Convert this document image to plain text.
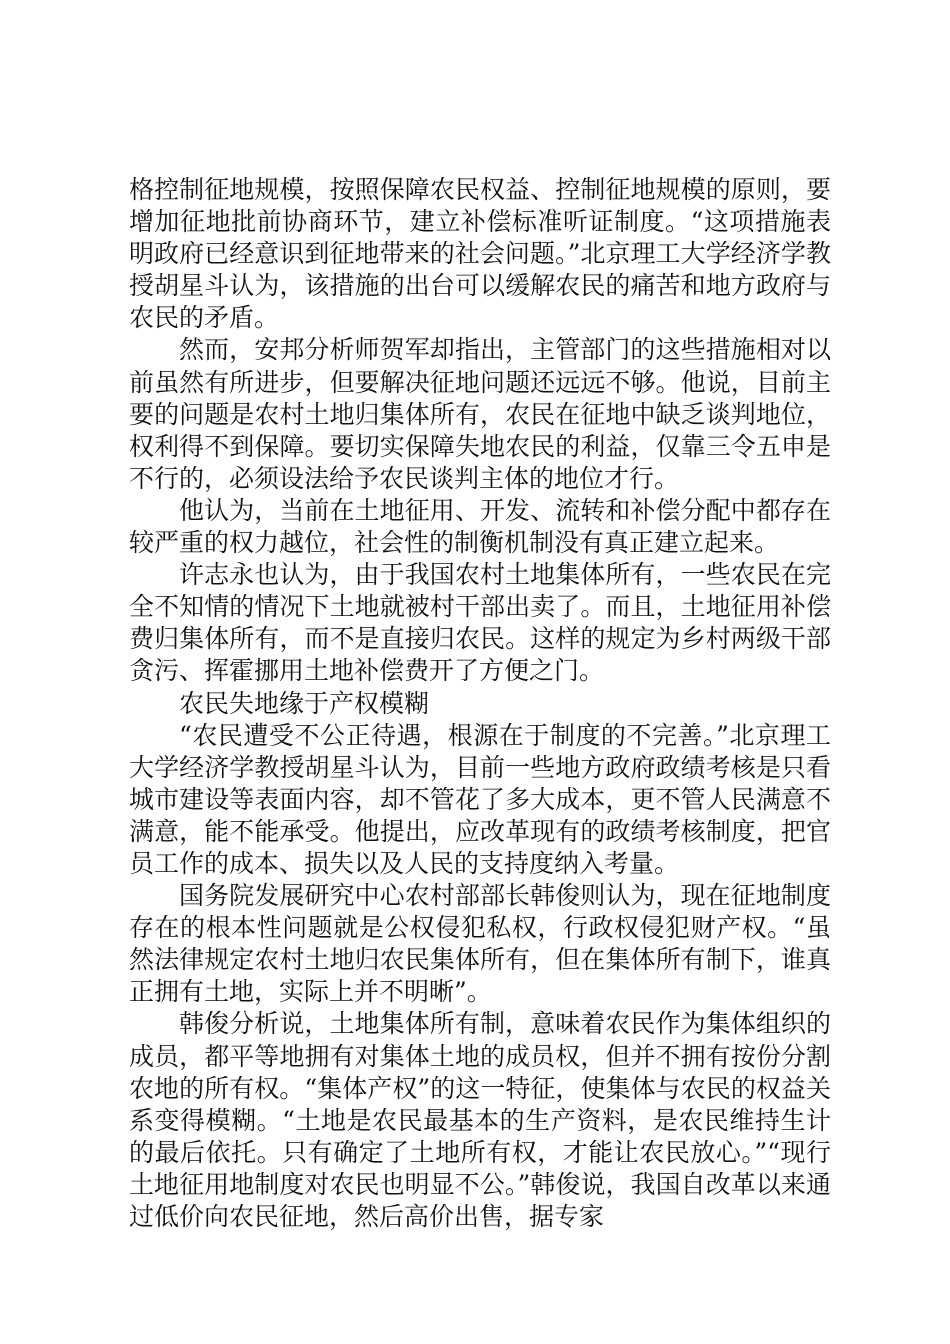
格控制征地规模，按照保障农民权益、控制征地规模的原则，要增加征地批前协商环节，建立补偿标准听证制度。“这项措施表明政府已经意识到征地带来的社会问题。”北京理工大学经济学教授胡星斗认为，该措施的出台可以缓解农民的痛苦和地方政府与农民的矛盾。

然而，安邦分析师贺军却指出，主管部门的这些措施相对以前虽然有所进步，但要解决征地问题还远远不够。他说，目前主要的问题是农村土地归集体所有，农民在征地中缺乏谈判地位，权利得不到保障。要切实保障失地农民的利益，仅靠三令五申是不行的，必须设法给予农民谈判主体的地位才行。

他认为，当前在土地征用、开发、流转和补偿分配中都存在较严重的权力越位，社会性的制衡机制没有真正建立起来。

许志永也认为，由于我国农村土地集体所有，一些农民在完全不知情的情况下土地就被村干部出卖了。而且，土地征用补偿费归集体所有，而不是直接归农民。这样的规定为乡村两级干部贪污、挥霍挪用土地补偿费开了方便之门。

农民失地缘于产权模糊

“农民遭受不公正待遇，根源在于制度的不完善。”北京理工大学经济学教授胡星斗认为，目前一些地方政府政绩考核是只看城市建设等表面内容，却不管花了多大成本，更不管人民满意不满意，能不能承受。他提出，应改革现有的政绩考核制度，把官员工作的成本、损失以及人民的支持度纳入考量。

国务院发展研究中心农村部部长韩俊则认为，现在征地制度存在的根本性问题就是公权侵犯私权，行政权侵犯财产权。“虽然法律规定农村土地归农民集体所有，但在集体所有制下，谁真正拥有土地，实际上并不明晰”。

韩俊分析说，土地集体所有制，意味着农民作为集体组织的成员，都平等地拥有对集体土地的成员权，但并不拥有按份分割农地的所有权。“集体产权”的这一特征，使集体与农民的权益关系变得模糊。“土地是农民最基本的生产资料，是农民维持生计的最后依托。只有确定了土地所有权，才能让农民放心。”“现行土地征用地制度对农民也明显不公。”韩俊说，我国自改革以来通过低价向农民征地，然后高价出售，据专家
